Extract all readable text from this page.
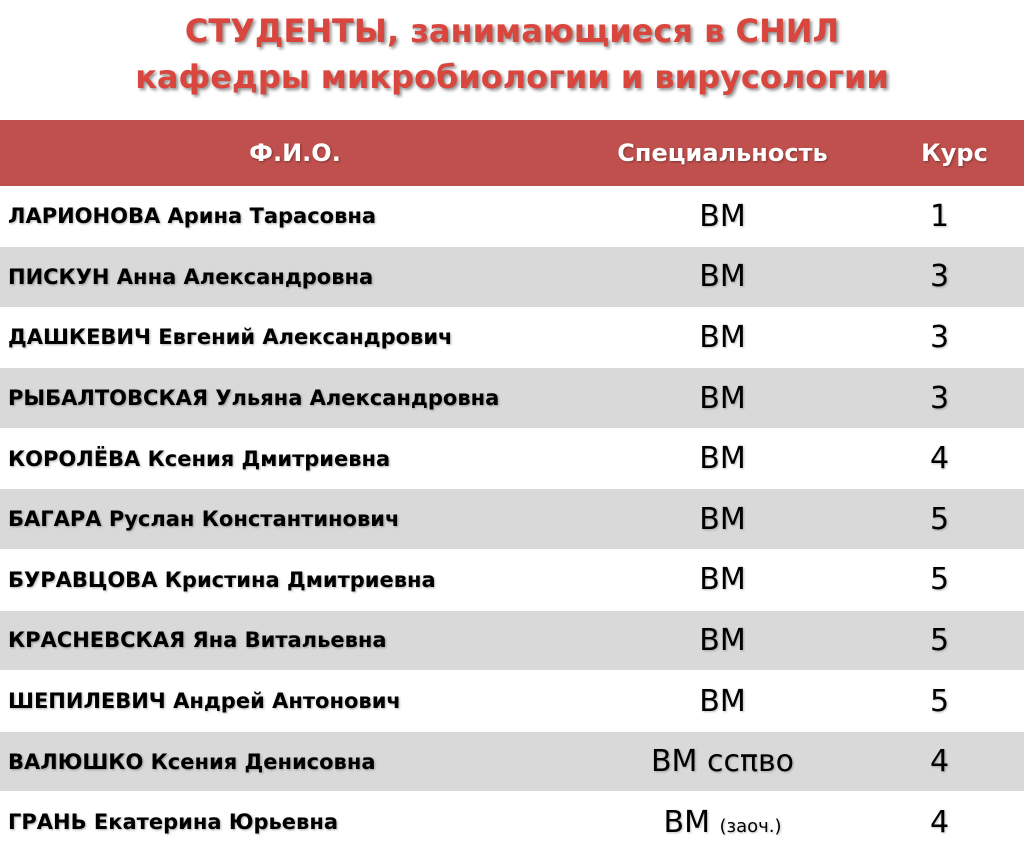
СТУДЕНТЫ, занимающиеся в СНИЛ
кафедры микробиологии и вирусологии
Ф.И.О.	Специальность	Курс
ЛАРИОНОВА Арина Тарасовна	ВМ	1
ПИСКУН Анна Александровна	ВМ	3
ДАШКЕВИЧ Евгений Александрович	ВМ	3
РЫБАЛТОВСКАЯ Ульяна Александровна	ВМ	3
КОРОЛЁВА Ксения Дмитриевна	ВМ	4
БАГАРА Руслан Константинович	ВМ	5
БУРАВЦОВА Кристина Дмитриевна	ВМ	5
КРАСНЕВСКАЯ Яна Витальевна	ВМ	5
ШЕПИЛЕВИЧ Андрей Антонович	ВМ	5
ВАЛЮШКО Ксения Денисовна	ВМ ссπво	4
ГРАНЬ Екатерина Юрьевна	ВМ (заоч.)	4
